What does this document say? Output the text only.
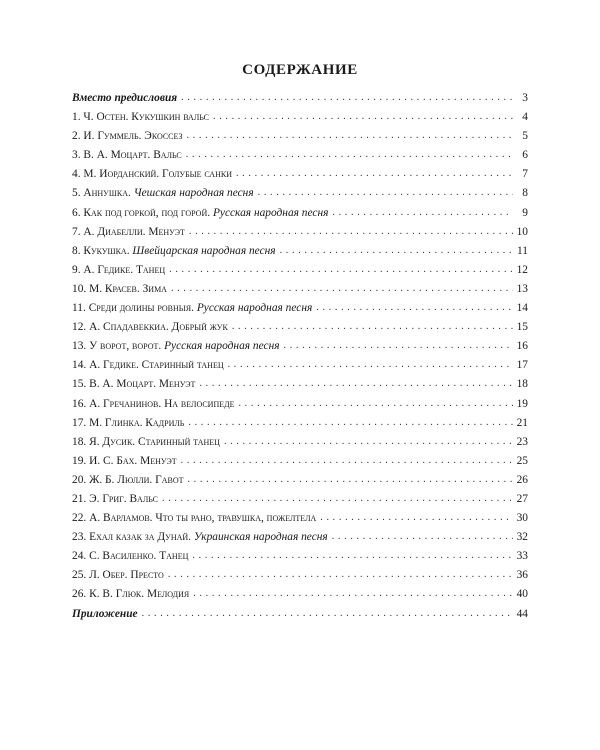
СОДЕРЖАНИЕ
Вместо предисловия . . .	3
1. Ч. Остен. Кукушкин вальс . . .	4
2. И. Гуммель. Экоссез . . .	5
3. В. А. Моцарт. Вальс . . .	6
4. М. Иорданский. Голубые санки . . .	7
5. Аннушка. Чешская народная песня . . .	8
6. Как под горкой, под горой. Русская народная песня . . .	9
7. А. Диабелли. Менуэт . . .	10
8. Кукушка. Швейцарская народная песня . . .	11
9. А. Гедике. Танец . . .	12
10. М. Красев. Зима . . .	13
11. Среди долины ровныя. Русская народная песня . . .	14
12. А. Спадавеккиа. Добрый жук . . .	15
13. У ворот, ворот. Русская народная песня . . .	16
14. А. Гедике. Старинный танец . . .	17
15. В. А. Моцарт. Менуэт . . .	18
16. А. Гречанинов. На велосипеде . . .	19
17. М. Глинка. Кадриль . . .	21
18. Я. Дусик. Старинный танец . . .	23
19. И. С. Бах. Менуэт . . .	25
20. Ж. Б. Люлли. Гавот . . .	26
21. Э. Григ. Вальс . . .	27
22. А. Варламов. Что ты рано, травушка, пожелтела . . .	30
23. Ехал казак за Дунай. Украинская народная песня . . .	32
24. С. Василенко. Танец . . .	33
25. Л. Обер. Престо . . .	36
26. К. В. Глюк. Мелодия . . .	40
Приложение . . .	44
